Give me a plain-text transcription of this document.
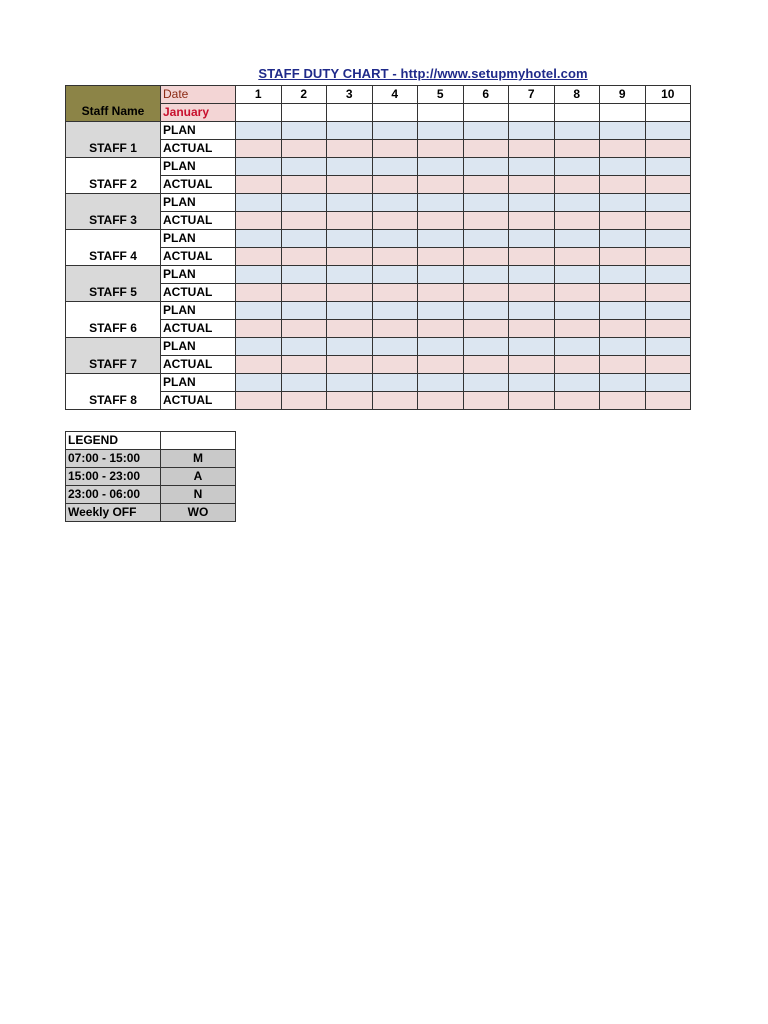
STAFF DUTY CHART - http://www.setupmyhotel.com
Staff Name	Date	1	2	3	4	5	6	7	8	9	10
	January										
STAFF 1	PLAN										
	ACTUAL										
STAFF 2	PLAN										
	ACTUAL										
STAFF 3	PLAN										
	ACTUAL										
STAFF 4	PLAN										
	ACTUAL										
STAFF 5	PLAN										
	ACTUAL										
STAFF 6	PLAN										
	ACTUAL										
STAFF 7	PLAN										
	ACTUAL										
STAFF 8	PLAN										
	ACTUAL										
LEGEND	
07:00 - 15:00	M
15:00 - 23:00	A
23:00 - 06:00	N
Weekly OFF	WO
